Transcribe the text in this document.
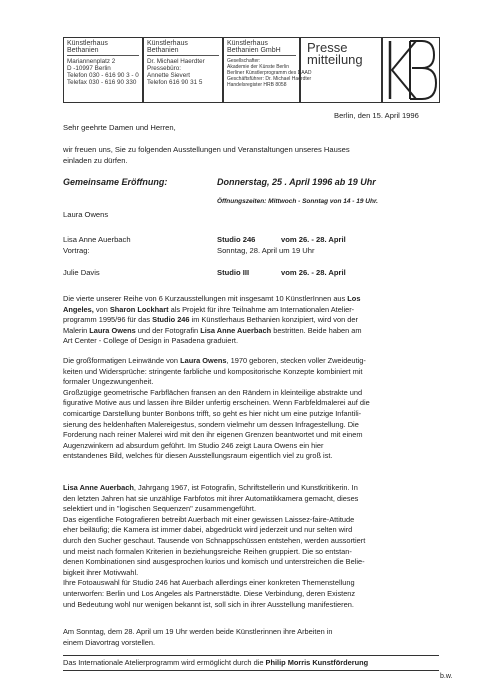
Künstlerhaus Bethanien
Mariannenplatz 2
D -10997 Berlin
Telefon 030 - 616 90 3 - 0
Telefax 030 - 616 90 330
Künstlerhaus Bethanien
Dr. Michael Haerdter
Pressebüro:
Annette Sievert
Telefon 616 90 31 5
Künstlerhaus Bethanien GmbH
Gesellschafter:
Akademie der Künste Berlin
Berliner Künstlerprogramm des DAAD
Geschäftsführer: Dr. Michael Haerdter
Handelsregister HRB 8058
Presse
mitteilung
Berlin, den 15. April 1996
Sehr geehrte Damen und Herren,
wir freuen uns, Sie zu folgenden Ausstellungen und Veranstaltungen unseres Hauses
einladen zu dürfen.
Gemeinsame Eröffnung:	Donnerstag, 25 . April 1996 ab 19 Uhr
Öffnungszeiten: Mittwoch - Sonntag von 14 - 19 Uhr.
Laura Owens
Lisa Anne Auerbach	Studio 246	vom 26. - 28. April
Vortrag:	Sonntag, 28. April um 19 Uhr
Julie Davis	Studio III	vom 26. - 28. April
Die vierte unserer Reihe von 6 Kurzausstellungen mit insgesamt 10 KünstlerInnen aus Los
Angeles, von Sharon Lockhart als Projekt für ihre Teilnahme am Internationalen Atelier-
programm 1995/96 für das Studio 246 im Künstlerhaus Bethanien konzipiert, wird von der
Malerin Laura Owens und der Fotografin Lisa Anne Auerbach bestritten. Beide haben am
Art Center - College of Design in Pasadena graduiert.
Die großformatigen Leinwände von Laura Owens, 1970 geboren, stecken voller Zweideutig-
keiten und Widersprüche: stringente farbliche und kompositorische Konzepte kombiniert mit
formaler Ungezwungenheit.
Großzügige geometrische Farbflächen fransen an den Rändern in kleinteilige abstrakte und
figurative Motive aus und lassen ihre Bilder unfertig erscheinen. Wenn Farbfeldmalerei auf die
comicartige Darstellung bunter Bonbons trifft, so geht es hier nicht um eine putzige Infantili-
sierung des heldenhaften Malereigestus, sondern vielmehr um dessen Infragestellung. Die
Forderung nach reiner Malerei wird mit den ihr eigenen Grenzen beantwortet und mit einem
Augenzwinkern ad absurdum geführt. Im Studio 246 zeigt Laura Owens ein hier
entstandenes Bild, welches für diesen Ausstellungsraum eigentlich viel zu groß ist.
Lisa Anne Auerbach, Jahrgang 1967, ist Fotografin, Schriftstellerin und Kunstkritikerin. In
den letzten Jahren hat sie unzählige Farbfotos mit ihrer Automatikkamera gemacht, dieses
selektiert und in "logischen Sequenzen" zusammengeführt.
Das eigentliche Fotografieren betreibt Auerbach mit einer gewissen Laissez-faire-Attitude
eher beiläufig; die Kamera ist immer dabei, abgedrückt wird jederzeit und nur selten wird
durch den Sucher geschaut. Tausende von Schnappschüssen entstehen, werden aussortiert
und meist nach formalen Kriterien in beziehungsreiche Reihen gruppiert. Die so entstan-
denen Kombinationen sind ausgesprochen kurios und komisch und unterstreichen die Belie-
bigkeit ihrer Motivwahl.
Ihre Fotoauswahl für Studio 246 hat Auerbach allerdings einer konkreten Themenstellung
unterworfen: Berlin und Los Angeles als Partnerstädte. Diese Verbindung, deren Existenz
und Bedeutung wohl nur wenigen bekannt ist, soll sich in ihrer Ausstellung manifestieren.
Am Sonntag, dem 28. April um 19 Uhr werden beide Künstlerinnen ihre Arbeiten in
einem Diavortrag vorstellen.
Das Internationale Atelierprogramm wird ermöglicht durch die Philip Morris Kunstförderung
b.w.
